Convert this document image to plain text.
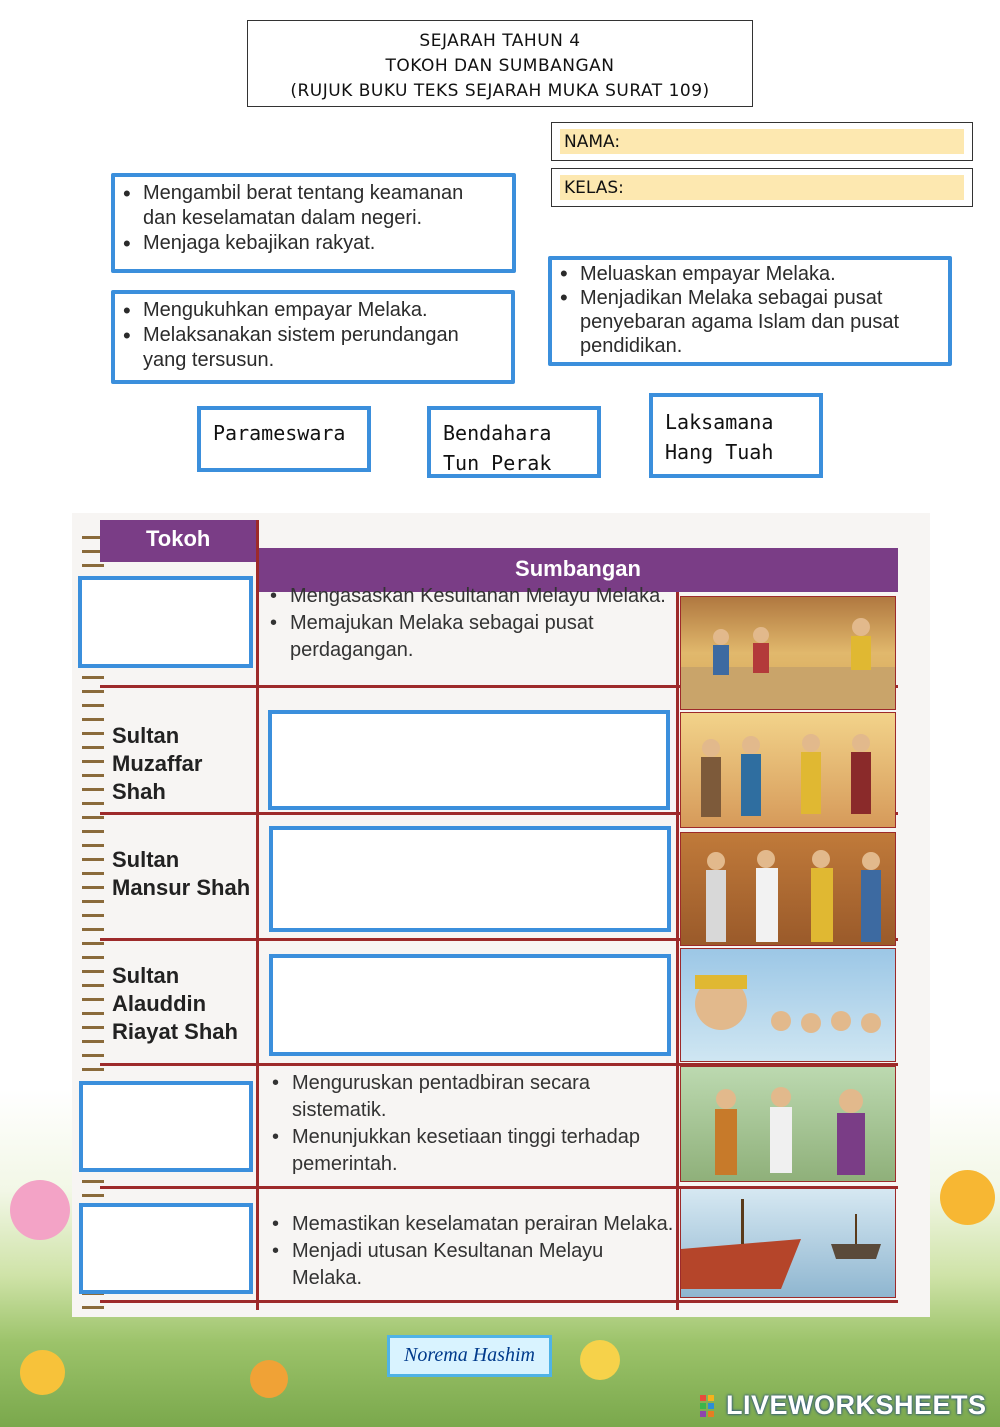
SEJARAH TAHUN 4
TOKOH DAN SUMBANGAN
(RUJUK BUKU TEKS SEJARAH MUKA SURAT 109)
NAMA:
KELAS:
• Mengambil berat tentang keamanan dan keselamatan dalam negeri.
• Menjaga kebajikan rakyat.
• Mengukuhkan empayar Melaka.
• Melaksanakan sistem perundangan yang tersusun.
• Meluaskan empayar Melaka.
• Menjadikan Melaka sebagai pusat penyebaran agama Islam dan pusat pendidikan.
Parameswara	Bendahara
Tun Perak
Laksamana
Hang Tuah
Tokoh
Sumbangan
• Mengasaskan Kesultanan Melayu Melaka.
• Memajukan Melaka sebagai pusat perdagangan.
Sultan Muzaffar Shah
Sultan Mansur Shah
Sultan Alauddin Riayat Shah
• Menguruskan pentadbiran secara sistematik.
• Menunjukkan kesetiaan tinggi terhadap pemerintah.
• Memastikan keselamatan perairan Melaka.
• Menjadi utusan Kesultanan Melayu Melaka.
Norema Hashim
LIVEWORKSHEETS
